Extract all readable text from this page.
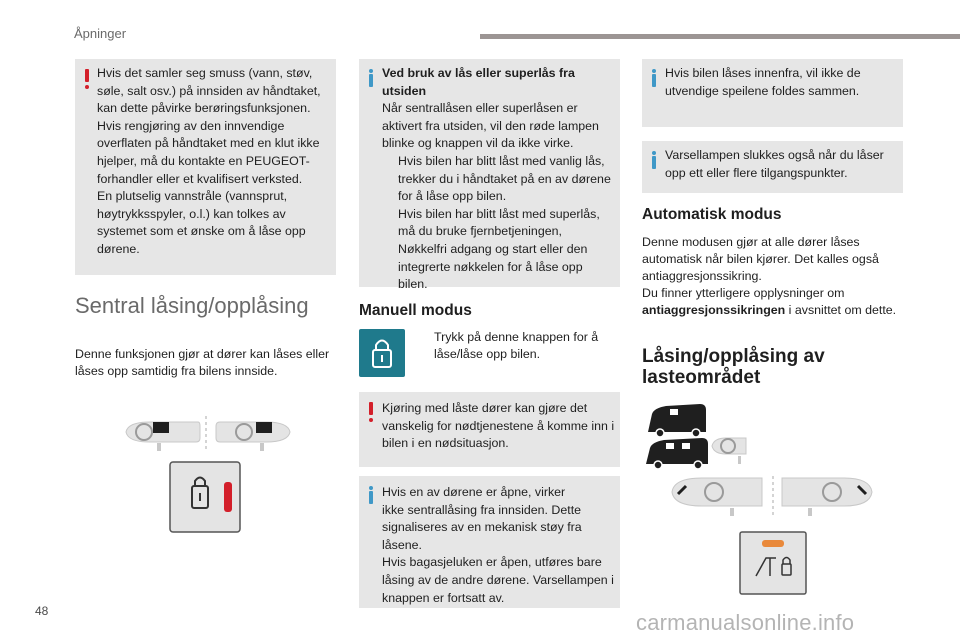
Åpninger
Hvis det samler seg smuss (vann, støv,
søle, salt osv.) på innsiden av håndtaket,
kan dette påvirke berøringsfunksjonen.
Hvis rengjøring av den innvendige
overflaten på håndtaket med en klut ikke
hjelper, må du kontakte en PEUGEOT-
forhandler eller et kvalifisert verksted.
En plutselig vannstråle (vannsprut,
høytrykksspyler, o.l.) kan tolkes av
systemet som et ønske om å låse opp
dørene.
Sentral låsing/opplåsing
Denne funksjonen gjør at dører kan låses eller
låses opp samtidig fra bilens innside.
Ved bruk av lås eller superlås fra
utsiden
Når sentrallåsen eller superlåsen er
aktivert fra utsiden, vil den røde lampen
blinke og knappen vil da ikke virke.
Hvis bilen har blitt låst med vanlig lås,
trekker du i håndtaket på en av dørene
for å låse opp bilen.
Hvis bilen har blitt låst med superlås,
må du bruke fjernbetjeningen,
Nøkkelfri adgang og start eller den
integrerte nøkkelen for å låse opp
bilen.
Manuell modus
Trykk på denne knappen for å
låse/låse opp bilen.
Kjøring med låste dører kan gjøre det
vanskelig for nødtjenestene å komme inn i
bilen i en nødsituasjon.
Hvis en av dørene er åpne, virker
ikke sentrallåsing fra innsiden. Dette
signaliseres av en mekanisk støy fra
låsene.
Hvis bagasjeluken er åpen, utføres bare
låsing av de andre dørene. Varsellampen i
knappen er fortsatt av.
Hvis bilen låses innenfra, vil ikke de
utvendige speilene foldes sammen.
Varsellampen slukkes også når du låser
opp ett eller flere tilgangspunkter.
Automatisk modus
Denne modusen gjør at alle dører låses
automatisk når bilen kjører. Det kalles også
antiaggresjonssikring.
Du finner ytterligere opplysninger om
antiaggresjonssikringen i avsnittet om dette.
Låsing/opplåsing av
lasteområdet
48	carmanualsonline.info
